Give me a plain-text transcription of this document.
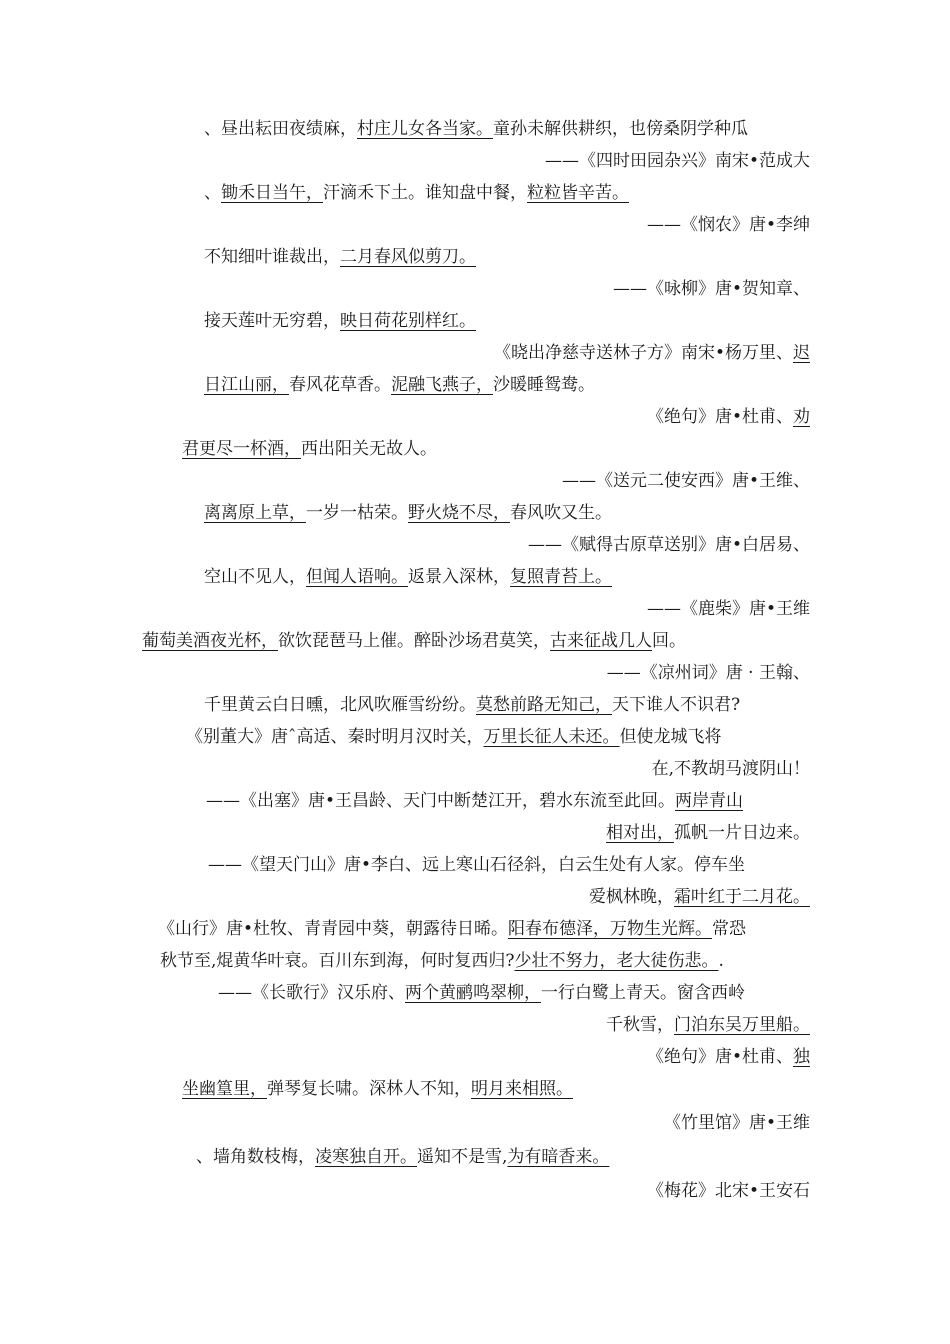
、昼出耘田夜绩麻，村庄儿女各当家。童孙未解供耕织，也傍桑阴学种瓜
——《四时田园杂兴》南宋•范成大
、锄禾日当午，汗滴禾下土。谁知盘中餐，粒粒皆辛苦。
——《悯农》唐•李绅
不知细叶谁裁出，二月春风似剪刀。
——《咏柳》唐•贺知章、
接天莲叶无穷碧，映日荷花别样红。
《晓出净慈寺送林子方》南宋•杨万里、迟
日江山丽，春风花草香。泥融飞燕子，沙暖睡鸳鸯。
《绝句》唐•杜甫、劝
君更尽一杯酒，西出阳关无故人。
——《送元二使安西》唐•王维、
离离原上草，一岁一枯荣。野火烧不尽，春风吹又生。
——《赋得古原草送别》唐•白居易、
空山不见人，但闻人语响。返景入深林，复照青苔上。
——《鹿柴》唐•王维
葡萄美酒夜光杯，欲饮琵琶马上催。醉卧沙场君莫笑，古来征战几人回。
——《凉州词》唐 · 王翰、
千里黄云白日曛，北风吹雁雪纷纷。莫愁前路无知己，天下谁人不识君?
《别董大》唐ˆ高适、秦时明月汉时关，万里长征人未还。但使龙城飞将
在,不教胡马渡阴山！
——《出塞》唐•王昌龄、天门中断楚江开，碧水东流至此回。两岸青山
相对出，孤帆一片日边来。
——《望天门山》唐•李白、远上寒山石径斜，白云生处有人家。停车坐
爱枫林晚，霜叶红于二月花。
《山行》唐•杜牧、青青园中葵，朝露待日晞。阳春布德泽，万物生光辉。常恐
秋节至,焜黄华叶衰。百川东到海，何时复西归?少壮不努力，老大徒伤悲。.
——《长歌行》汉乐府、两个黄鹂鸣翠柳，一行白鹭上青天。窗含西岭
千秋雪，门泊东吴万里船。
《绝句》唐•杜甫、独
坐幽篁里，弹琴复长啸。深林人不知，明月来相照。
《竹里馆》唐•王维
、墙角数枝梅，凌寒独自开。遥知不是雪,为有暗香来。
《梅花》北宋•王安石
